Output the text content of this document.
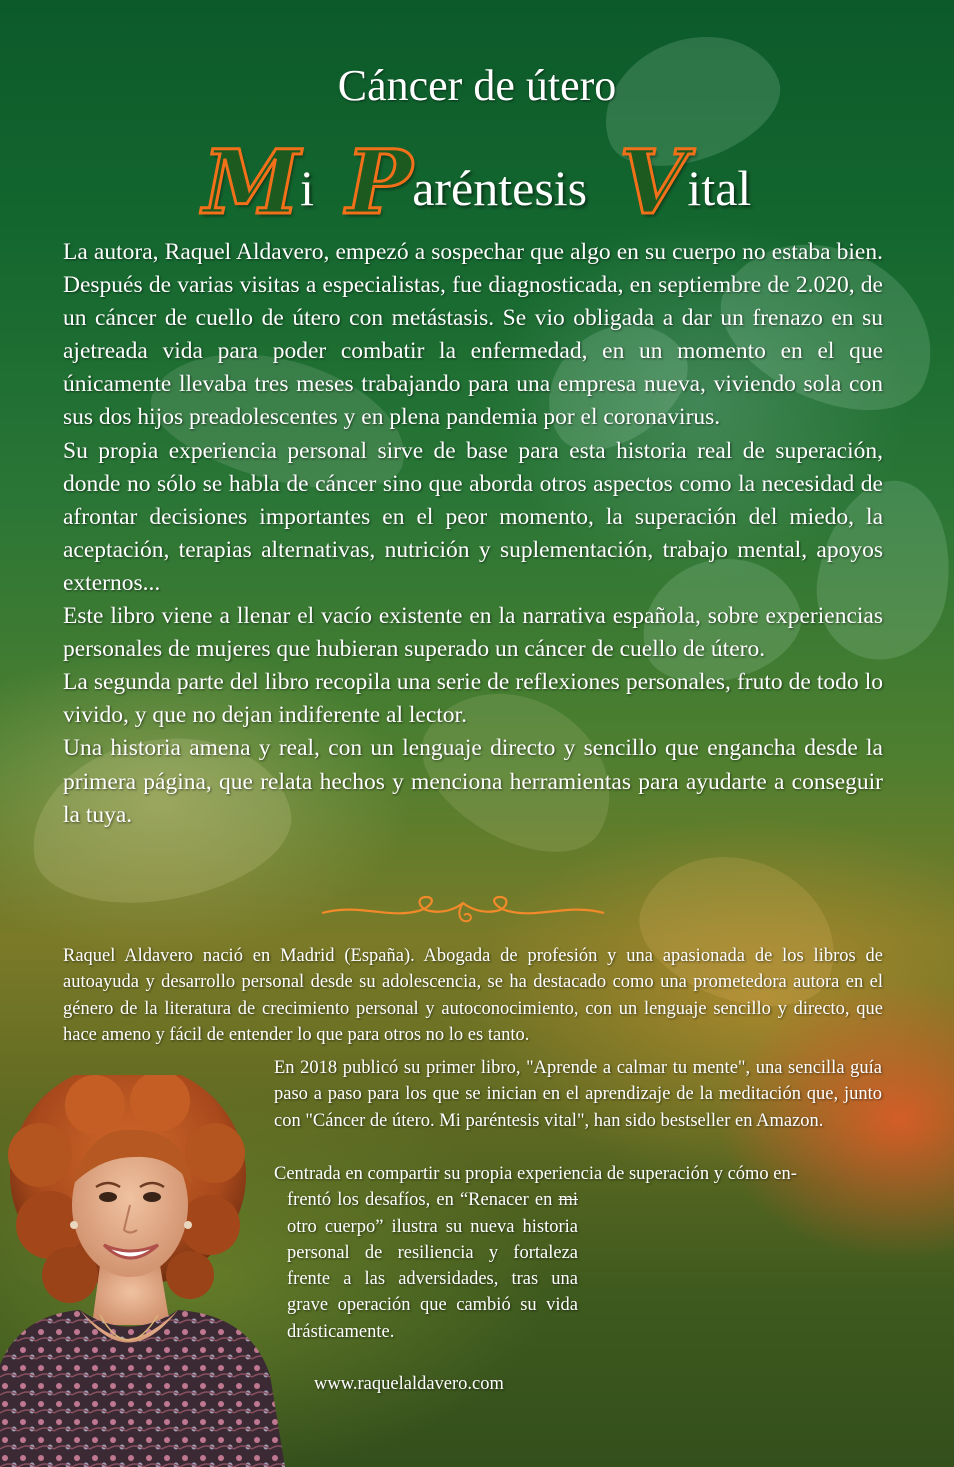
Cáncer de útero
Mi Paréntesis Vital

La autora, Raquel Aldavero, empezó a sospechar que algo en su cuerpo no estaba bien. Después de varias visitas a especialistas, fue diagnosticada, en septiembre de 2.020, de un cáncer de cuello de útero con metástasis. Se vio obligada a dar un frenazo en su ajetreada vida para poder combatir la enfermedad, en un momento en el que únicamente llevaba tres meses trabajando para una empresa nueva, viviendo sola con sus dos hijos preadolescentes y en plena pandemia por el coronavirus.

Su propia experiencia personal sirve de base para esta historia real de superación, donde no sólo se habla de cáncer sino que aborda otros aspectos como la necesidad de afrontar decisiones importantes en el peor momento, la superación del miedo, la aceptación, terapias alternativas, nutrición y suplementación, trabajo mental, apoyos externos...

Este libro viene a llenar el vacío existente en la narrativa española, sobre experiencias personales de mujeres que hubieran superado un cáncer de cuello de útero.

La segunda parte del libro recopila una serie de reflexiones personales, fruto de todo lo vivido, y que no dejan indiferente al lector.

Una historia amena y real, con un lenguaje directo y sencillo que engancha desde la primera página, que relata hechos y menciona herramientas para ayudarte a conseguir la tuya.

Raquel Aldavero nació en Madrid (España). Abogada de profesión y una apasionada de los libros de autoayuda y desarrollo personal desde su adolescencia, se ha destacado como una prometedora autora en el género de la literatura de crecimiento personal y autoconocimiento, con un lenguaje sencillo y directo, que hace ameno y fácil de entender lo que para otros no lo es tanto.

En 2018 publicó su primer libro, "Aprende a calmar tu mente", una sencilla guía paso a paso para los que se inician en el aprendizaje de la meditación que, junto con "Cáncer de útero. Mi paréntesis vital", han sido bestseller en Amazon.

Centrada en compartir su propia experiencia de superación y cómo en-

frentó los desafíos, en “Renacer en mi otro cuerpo” ilustra su nueva historia personal de resiliencia y fortaleza frente a las adversidades, tras una grave operación que cambió su vida drásticamente.

www.raquelaldavero.com
